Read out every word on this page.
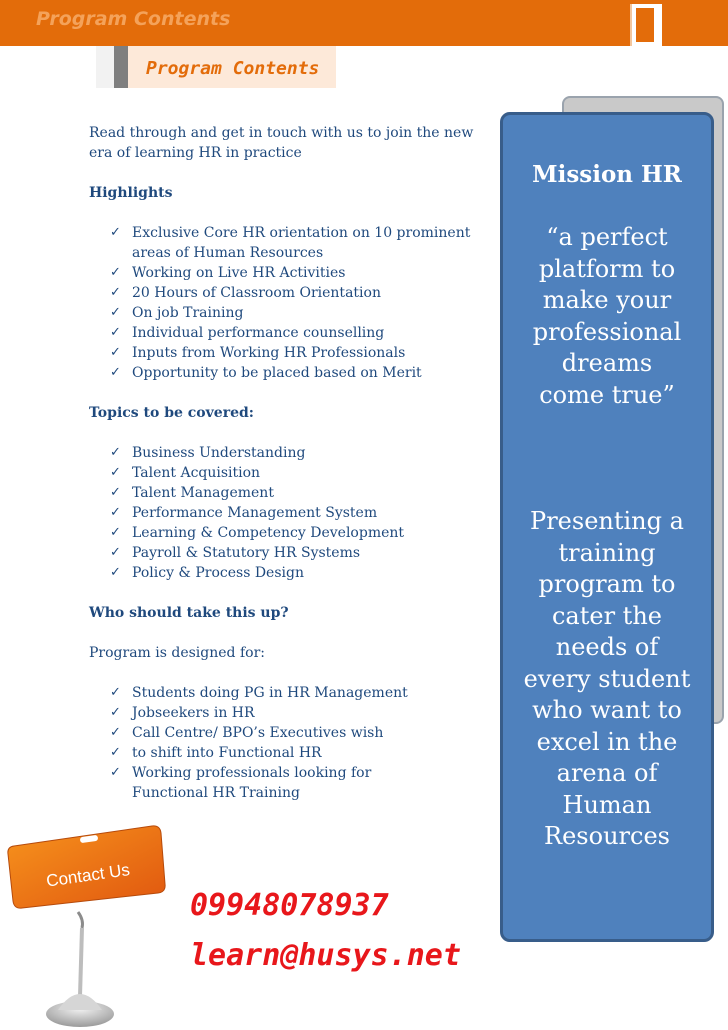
Program Contents
Program Contents

Read through and get in touch with us to join the new era of learning HR in practice

Highlights

✓ Exclusive Core HR orientation on 10 prominent areas of Human Resources
✓ Working on Live HR Activities
✓ 20 Hours of Classroom Orientation
✓ On job Training
✓ Individual performance counselling
✓ Inputs from Working HR Professionals
✓ Opportunity to be placed based on Merit

Topics to be covered:

✓ Business Understanding
✓ Talent Acquisition
✓ Talent Management
✓ Performance Management System
✓ Learning & Competency Development
✓ Payroll & Statutory HR Systems
✓ Policy & Process Design

Who should take this up?

Program is designed for:

✓ Students doing PG in HR Management
✓ Jobseekers in HR
✓ Call Centre/ BPO’s Executives wish
✓ to shift into Functional HR
✓ Working professionals looking for Functional HR Training
Mission HR
“a perfect platform to make your professional dreams come true”
Presenting a training program to cater the needs of every student who want to excel in the arena of Human Resources
Contact Us
09948078937
learn@husys.net
